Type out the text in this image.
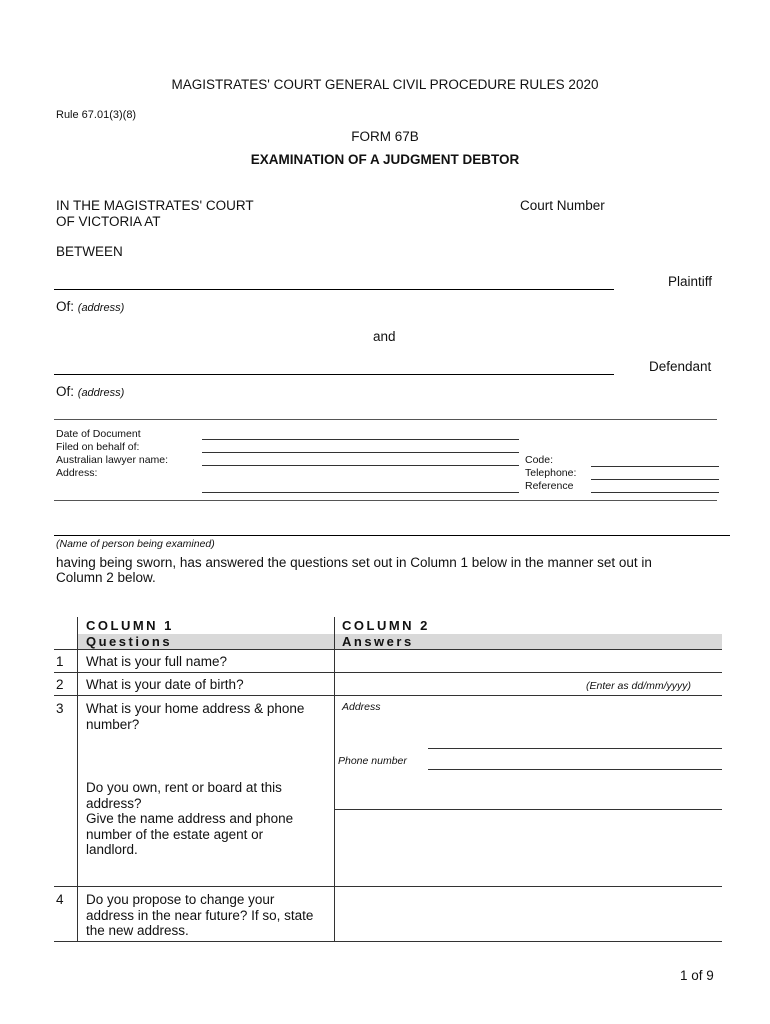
MAGISTRATES' COURT GENERAL CIVIL PROCEDURE RULES 2020
Rule 67.01(3)(8)
FORM 67B
EXAMINATION OF A JUDGMENT DEBTOR
IN THE MAGISTRATES' COURT
OF VICTORIA AT
Court Number
BETWEEN
Plaintiff
Of: (address)
and
Defendant
Of: (address)
Date of Document
Filed on behalf of:
Australian lawyer name:
Address:
Code:
Telephone:
Reference
(Name of person being examined)
having being sworn, has answered the questions set out in Column 1 below in the manner set out in
Column 2 below.
COLUMN 1
Questions
COLUMN 2
Answers
1 What is your full name?
2 What is your date of birth?	(Enter as dd/mm/yyyy)
3 What is your home address & phone
number?
Address
Phone number
Do you own, rent or board at this
address?
Give the name address and phone
number of the estate agent or
landlord.
4 Do you propose to change your
address in the near future? If so, state
the new address.
1 of 9
